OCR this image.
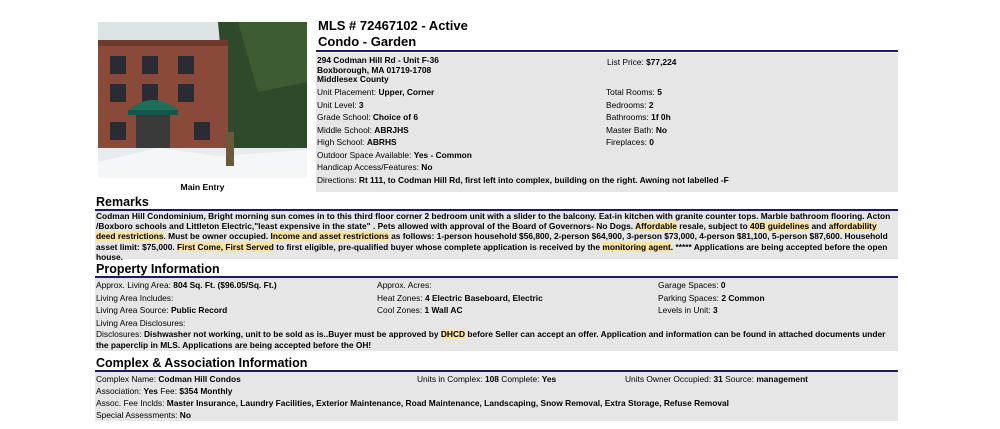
Main Entry
MLS # 72467102 - Active
Condo - Garden
294 Codman Hill Rd - Unit F-36
Boxborough, MA 01719-1708
Middlesex County
List Price: $77,224
Unit Placement: Upper, Corner
Unit Level: 3
Grade School: Choice of 6
Middle School: ABRJHS
High School: ABRHS
Outdoor Space Available: Yes - Common
Handicap Access/Features: No
Directions: Rt 111, to Codman Hill Rd, first left into complex, building on the right. Awning not labelled -F
Total Rooms: 5
Bedrooms: 2
Bathrooms: 1f 0h
Master Bath: No
Fireplaces: 0
Remarks
Codman Hill Condominium, Bright morning sun comes in to this third floor corner 2 bedroom unit with a slider to the balcony. Eat-in kitchen with granite counter tops. Marble bathroom flooring. Acton /Boxboro schools and Littleton Electric,"least expensive in the state" . Pets allowed with approval of the Board of Governors- No Dogs. Affordable resale, subject to 40B guidelines and affordability deed restrictions. Must be owner occupied. Income and asset restrictions as follows: 1-person household $56,800, 2-person $64,900, 3-person $73,000, 4-person $81,100, 5-person $87,600. Household asset limit: $75,000. First Come, First Served to first eligible, pre-qualified buyer whose complete application is received by the monitoring agent. ***** Applications are being accepted before the open house.
Property Information
Approx. Living Area: 804 Sq. Ft. ($96.05/Sq. Ft.)
Living Area Includes:
Living Area Source: Public Record
Living Area Disclosures:
Approx. Acres:
Heat Zones: 4 Electric Baseboard, Electric
Cool Zones: 1 Wall AC
Garage Spaces: 0
Parking Spaces: 2 Common
Levels in Unit: 3
Disclosures: Dishwasher not working, unit to be sold as is..Buyer must be approved by DHCD before Seller can accept an offer. Application and information can be found in attached documents under the paperclip in MLS. Applications are being accepted before the OH!
Complex & Association Information
Complex Name: Codman Hill Condos	Units in Complex: 108 Complete: Yes	Units Owner Occupied: 31 Source: management
Association: Yes Fee: $354 Monthly
Assoc. Fee Inclds: Master Insurance, Laundry Facilities, Exterior Maintenance, Road Maintenance, Landscaping, Snow Removal, Extra Storage, Refuse Removal
Special Assessments: No
